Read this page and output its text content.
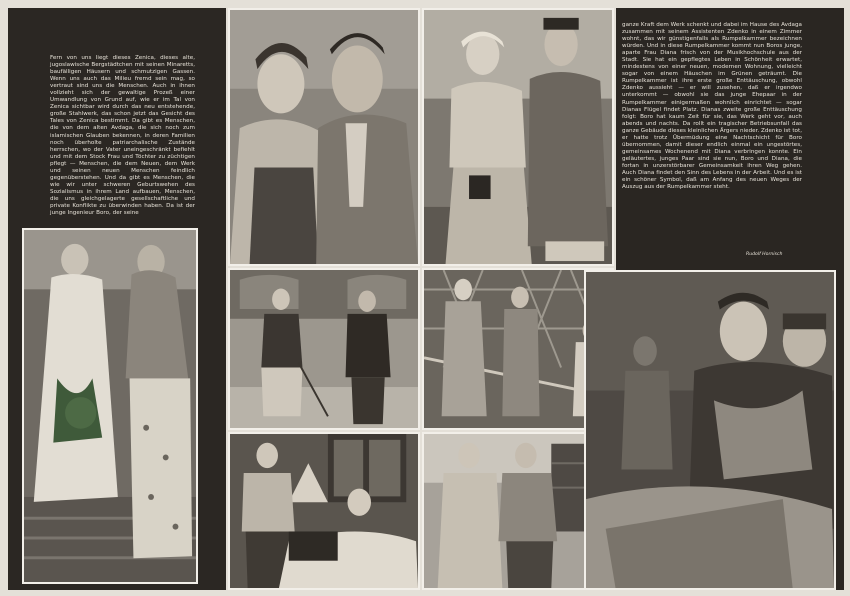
Fern von uns liegt dieses Zenica, dieses alte, jugoslawische Bergstädtchen mit seinen Minaretts, baufälligen Häusern und schmutzigen Gassen. Wenn uns auch das Milieu fremd sein mag, so vertraut sind uns die Menschen. Auch in ihnen vollzieht sich der gewaltige Prozeß einer Umwandlung von Grund auf, wie er im Tal von Zenica sichtbar wird durch das neu entstehende, große Stahlwerk, das schon jetzt das Gesicht des Tales von Zenica bestimmt. Da gibt es Menschen, die von dem alten Avdaga, die sich noch zum islamischen Glauben bekennen, in deren Familien noch überholte patriarchalische Zustände herrschen, wo der Vater uneingeschränkt befiehlt und mit dem Stock Frau und Töchter zu züchtigen pflegt — Menschen, die dem Neuen, dem Werk und seinen neuen Menschen feindlich gegenüberstehen. Und da gibt es Menschen, die wie wir unter schweren Geburtswehen des Sozialismus in ihrem Land aufbauen, Menschen, die uns gleichgelagerte gesellschaftliche und private Konflikte zu überwinden haben. Da ist der junge Ingenieur Boro, der seine
ganze Kraft dem Werk schenkt und dabei im Hause des Avdaga zusammen mit seinem Assistenten Zdenko in einem Zimmer wohnt, das wir günstigenfalls als Rumpelkammer bezeichnen würden. Und in diese Rumpelkammer kommt nun Boros junge, aparte Frau Diana frisch von der Musikhochschule aus der Stadt. Sie hat ein gepflegtes Leben in Schönheit erwartet, mindestens von einer neuen, modernen Wohnung, vielleicht sogar von einem Häuschen im Grünen geträumt. Die Rumpelkammer ist ihre erste große Enttäuschung, obwohl Zdenko aussieht — er will zusehen, daß er irgendwo unterkommt — obwohl sie das junge Ehepaar in der Rumpelkammer einigermaßen wohnlich einrichtet — sogar Dianas Flügel findet Platz. Dianas zweite große Enttäuschung folgt: Boro hat kaum Zeit für sie, das Werk geht vor, auch abends und nachts. Da rollt ein tragischer Betriebsunfall das ganze Gebäude dieses kleinlichen Ärgers nieder. Zdenko ist tot, er hatte trotz Übermüdung eine Nachtschicht für Boro übernommen, damit dieser endlich einmal ein ungestörtes, gemeinsames Wochenend mit Diana verbringen konnte. Ein geläutertes, junges Paar sind sie nun, Boro und Diana, die fortan in unzerstörbarer Gemeinsamkeit ihren Weg gehen. Auch Diana findet den Sinn des Lebens in der Arbeit. Und es ist ein schöner Symbol, daß am Anfang des neuen Weges der Auszug aus der Rumpelkammer steht.
Rudolf Hornisch
